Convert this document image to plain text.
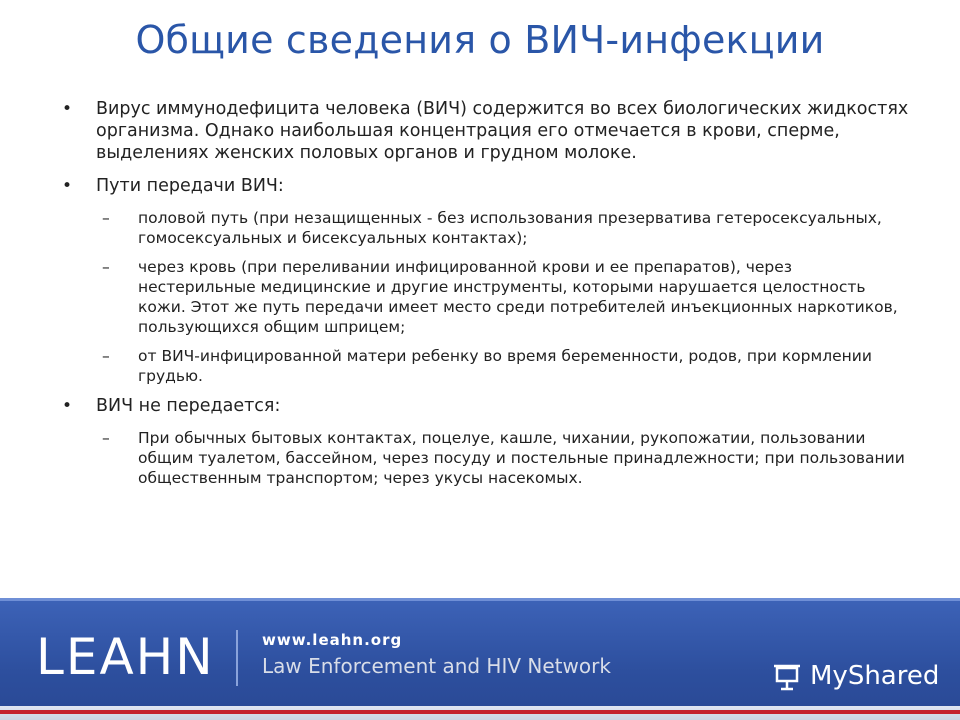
Общие сведения о ВИЧ-инфекции
• Вирус иммунодефицита человека (ВИЧ) содержится во всех биологических жидкостях организма. Однако наибольшая концентрация его отмечается в крови, сперме, выделениях женских половых органов и грудном молоке.
• Пути передачи ВИЧ:
– половой путь (при незащищенных - без использования презерватива гетеросексуальных, гомосексуальных и бисексуальных контактах);
– через кровь (при переливании инфицированной крови и ее препаратов), через нестерильные медицинские и другие инструменты, которыми нарушается целостность кожи. Этот же путь передачи имеет место среди потребителей инъекционных наркотиков, пользующихся общим шприцем;
– от ВИЧ-инфицированной матери ребенку во время беременности, родов, при кормлении грудью.
• ВИЧ не передается:
– При обычных бытовых контактах, поцелуе, кашле, чихании, рукопожатии, пользовании общим туалетом, бассейном, через посуду и постельные принадлежности; при пользовании общественным транспортом; через укусы насекомых.
LEAHN	www.leahn.org
Law Enforcement and HIV Network	MyShared
